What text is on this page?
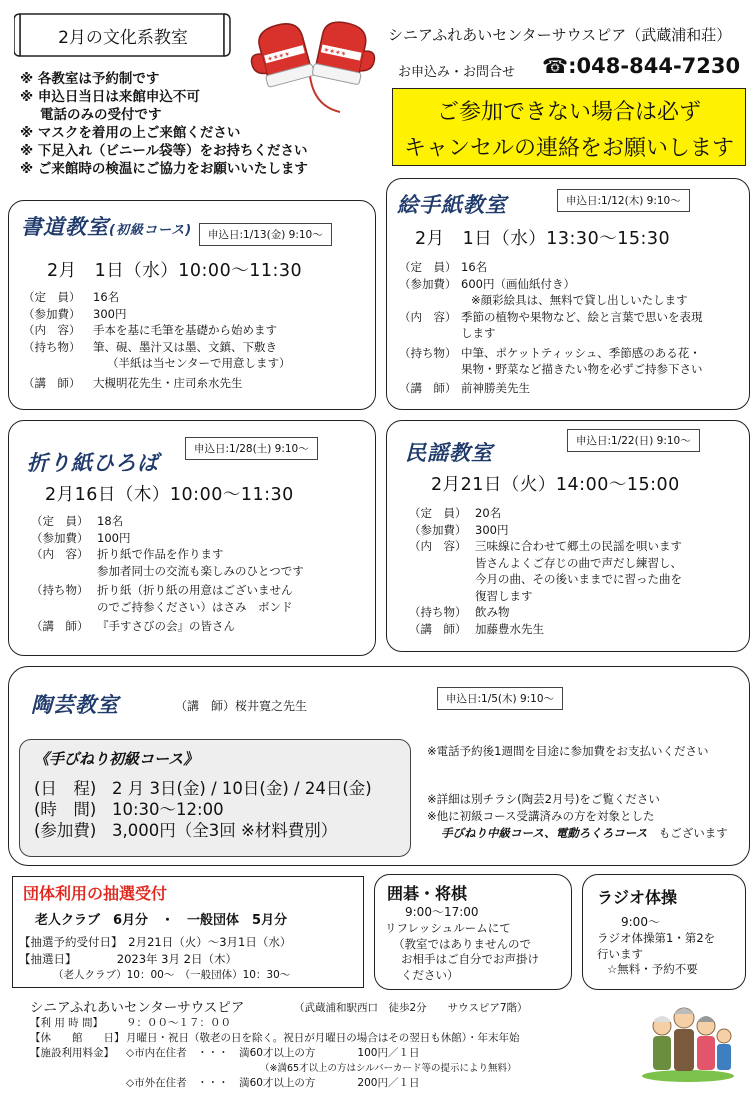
2月の文化系教室
✶✶✶✶	✶✶✶✶
※ 各教室は予約制です
※ 申込日当日は来館申込不可
電話のみの受付です
※ マスクを着用の上ご来館ください
※ 下足入れ（ビニール袋等）をお持ちください
※ ご来館時の検温にご協力をお願いいたします
シニアふれあいセンターサウスピア（武蔵浦和荘）
お申込み・お問合せ ☎:048-844-7230
ご参加できない場合は必ず
キャンセルの連絡をお願いします
書道教室(初級コース)	申込日:1/13(金) 9:10～
2月　1日（水）10:00～11:30
（定　員）	16名
（参加費）	300円
（内　容）	手本を基に毛筆を基礎から始めます
（持ち物）	筆、硯、墨汁又は墨、文鎮、下敷き
（半紙は当センターで用意します）
（講　師）	大槻明花先生・庄司糸水先生
絵手紙教室	申込日:1/12(木) 9:10～
2月　1日（水）13:30～15:30
（定　員） 16名
（参加費） 600円（画仙紙付き）
※顔彩絵具は、無料で貸し出しいたします
（内　容） 季節の植物や果物など、絵と言葉で思いを表現
します
（持ち物） 中筆、ポケットティッシュ、季節感のある花・
果物・野菜など描きたい物を必ずご持参下さい
（講　師） 前神勝美先生
折り紙ひろば
申込日:1/28(土) 9:10～
2月16日（木）10:00～11:30
（定　員） 18名
（参加費） 100円
（内　容） 折り紙で作品を作ります
参加者同士の交流も楽しみのひとつです
（持ち物） 折り紙（折り紙の用意はございません
のでご持参ください）はさみ　ボンド
（講　師） 『手すさびの会』の皆さん
民謡教室	申込日:1/22(日) 9:10～
2月21日（火）14:00～15:00
（定　員） 20名
（参加費） 300円
（内　容） 三味線に合わせて郷土の民謡を唄います
皆さんよくご存じの曲で声だし練習し、
今月の曲、その後いままでに習った曲を
復習します
（持ち物） 飲み物
（講　師） 加藤豊水先生
陶芸教室	（講　師）桜井寛之先生	申込日:1/5(木) 9:10～
《手びねり初級コース》
(日　程) 2 月 3日(金) / 10日(金) / 24日(金)
(時　間) 10:30～12:00
(参加費) 3,000円（全3回 ※材料費別）
※電話予約後1週間を目途に参加費をお支払いください
※詳細は別チラシ(陶芸2月号)をご覧ください
※他に初級コース受講済みの方を対象とした
手びねり中級コース、電動ろくろコース　 もございます
団体利用の抽選受付
老人クラブ　6月分　・　一般団体　5月分
【抽選予約受付日】　2月21日（火）～3月1日（水）
【抽選日】　　　　2023年 3月 2日（木）
（老人クラブ）10：00～　（一般団体）10：30～
囲碁・将棋
9:00～17:00
リフレッシュルームにて
（教室ではありませんので
お相手はご自分でお声掛け
ください）
ラジオ体操
9:00～
ラジオ体操第1・第2を
行います
☆無料・予約不要
シニアふれあいセンターサウスピア	（武蔵浦和駅西口　徒歩2分　　サウスピア7階）
【利 用 時 間】 ９：００～１７：００
【休　　館　　日】 月曜日・祝日（敬老の日を除く。祝日が月曜日の場合はその翌日も休館）・年末年始
【施設利用料金】 ◇市内在住者　・・・　満60才以上の方　　　　100円／１日
（※満65才以上の方はシルバーカード等の提示により無料）
◇市外在住者　・・・　満60才以上の方　　　　200円／１日
